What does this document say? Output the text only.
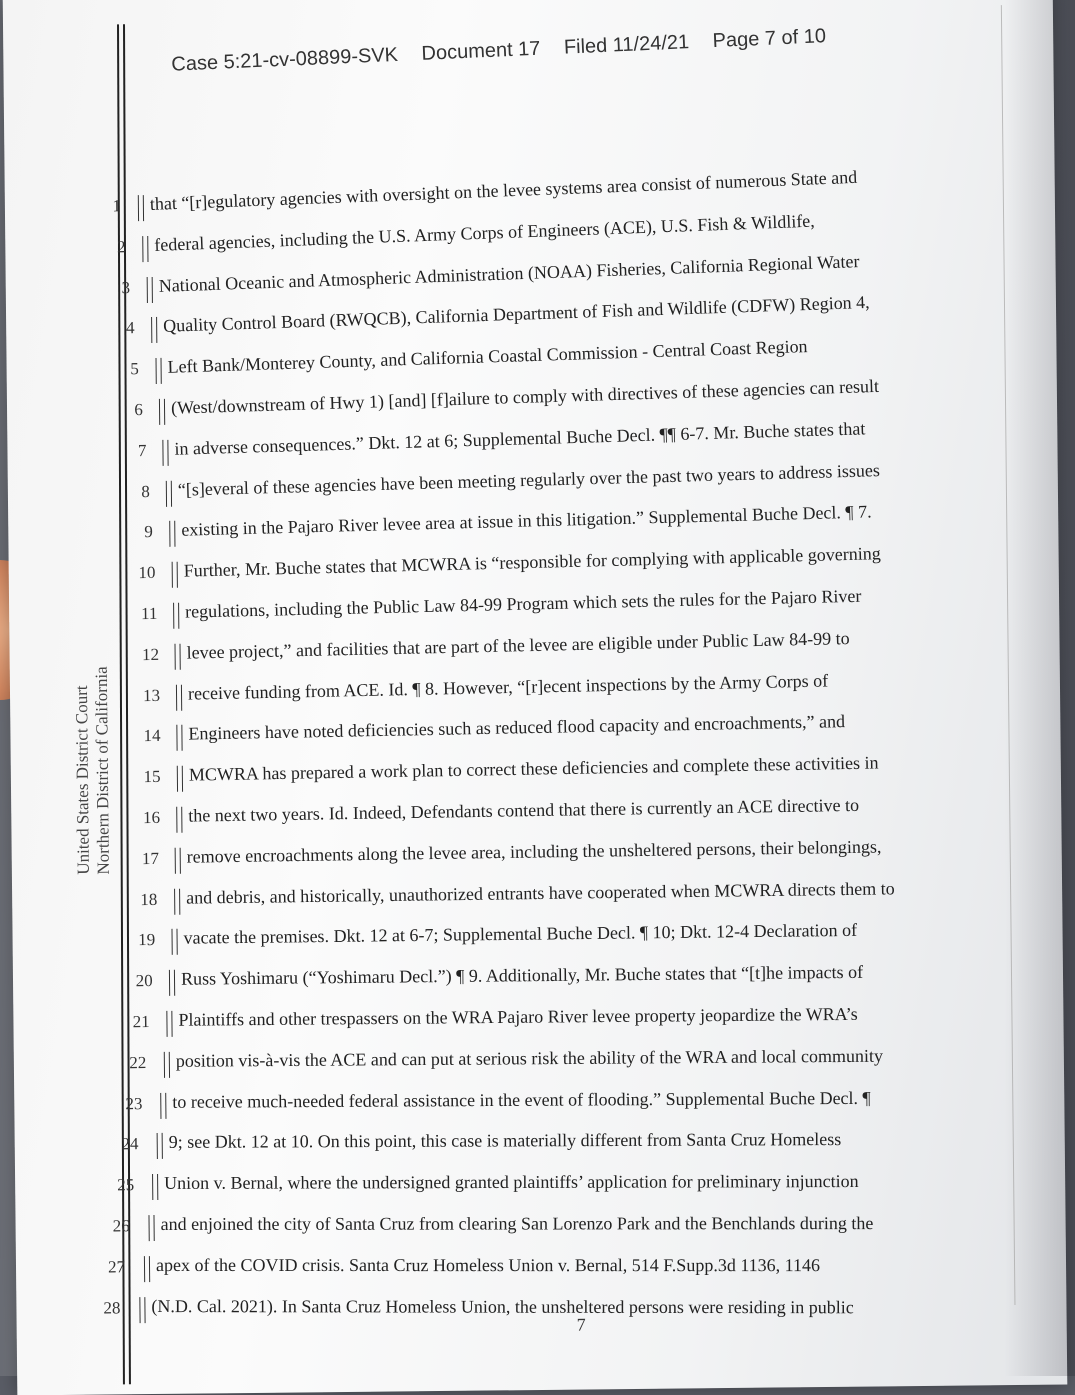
Case 5:21-cv-08899-SVK Document 17 Filed 11/24/21 Page 7 of 10
United States District Court
Northern District of California
1 that “[r]egulatory agencies with oversight on the levee systems area consist of numerous State and
2 federal agencies, including the U.S. Army Corps of Engineers (ACE), U.S. Fish & Wildlife,
3 National Oceanic and Atmospheric Administration (NOAA) Fisheries, California Regional Water
4 Quality Control Board (RWQCB), California Department of Fish and Wildlife (CDFW) Region 4,
5 Left Bank/Monterey County, and California Coastal Commission - Central Coast Region
6 (West/downstream of Hwy 1) [and] [f]ailure to comply with directives of these agencies can result
7 in adverse consequences.” Dkt. 12 at 6; Supplemental Buche Decl. ¶¶ 6-7. Mr. Buche states that
8 “[s]everal of these agencies have been meeting regularly over the past two years to address issues
9 existing in the Pajaro River levee area at issue in this litigation.” Supplemental Buche Decl. ¶ 7.
10 Further, Mr. Buche states that MCWRA is “responsible for complying with applicable governing
11 regulations, including the Public Law 84-99 Program which sets the rules for the Pajaro River
12 levee project,” and facilities that are part of the levee are eligible under Public Law 84-99 to
13 receive funding from ACE. Id. ¶ 8. However, “[r]ecent inspections by the Army Corps of
14 Engineers have noted deficiencies such as reduced flood capacity and encroachments,” and
15 MCWRA has prepared a work plan to correct these deficiencies and complete these activities in
16 the next two years. Id. Indeed, Defendants contend that there is currently an ACE directive to
17 remove encroachments along the levee area, including the unsheltered persons, their belongings,
18 and debris, and historically, unauthorized entrants have cooperated when MCWRA directs them to
19 vacate the premises. Dkt. 12 at 6-7; Supplemental Buche Decl. ¶ 10; Dkt. 12-4 Declaration of
20 Russ Yoshimaru (“Yoshimaru Decl.”) ¶ 9. Additionally, Mr. Buche states that “[t]he impacts of
21 Plaintiffs and other trespassers on the WRA Pajaro River levee property jeopardize the WRA’s
22 position vis-à-vis the ACE and can put at serious risk the ability of the WRA and local community
23 to receive much-needed federal assistance in the event of flooding.” Supplemental Buche Decl. ¶
24 9; see Dkt. 12 at 10. On this point, this case is materially different from Santa Cruz Homeless
25 Union v. Bernal, where the undersigned granted plaintiffs’ application for preliminary injunction
26 and enjoined the city of Santa Cruz from clearing San Lorenzo Park and the Benchlands during the
27 apex of the COVID crisis. Santa Cruz Homeless Union v. Bernal, 514 F.Supp.3d 1136, 1146
28 (N.D. Cal. 2021). In Santa Cruz Homeless Union, the unsheltered persons were residing in public
7
